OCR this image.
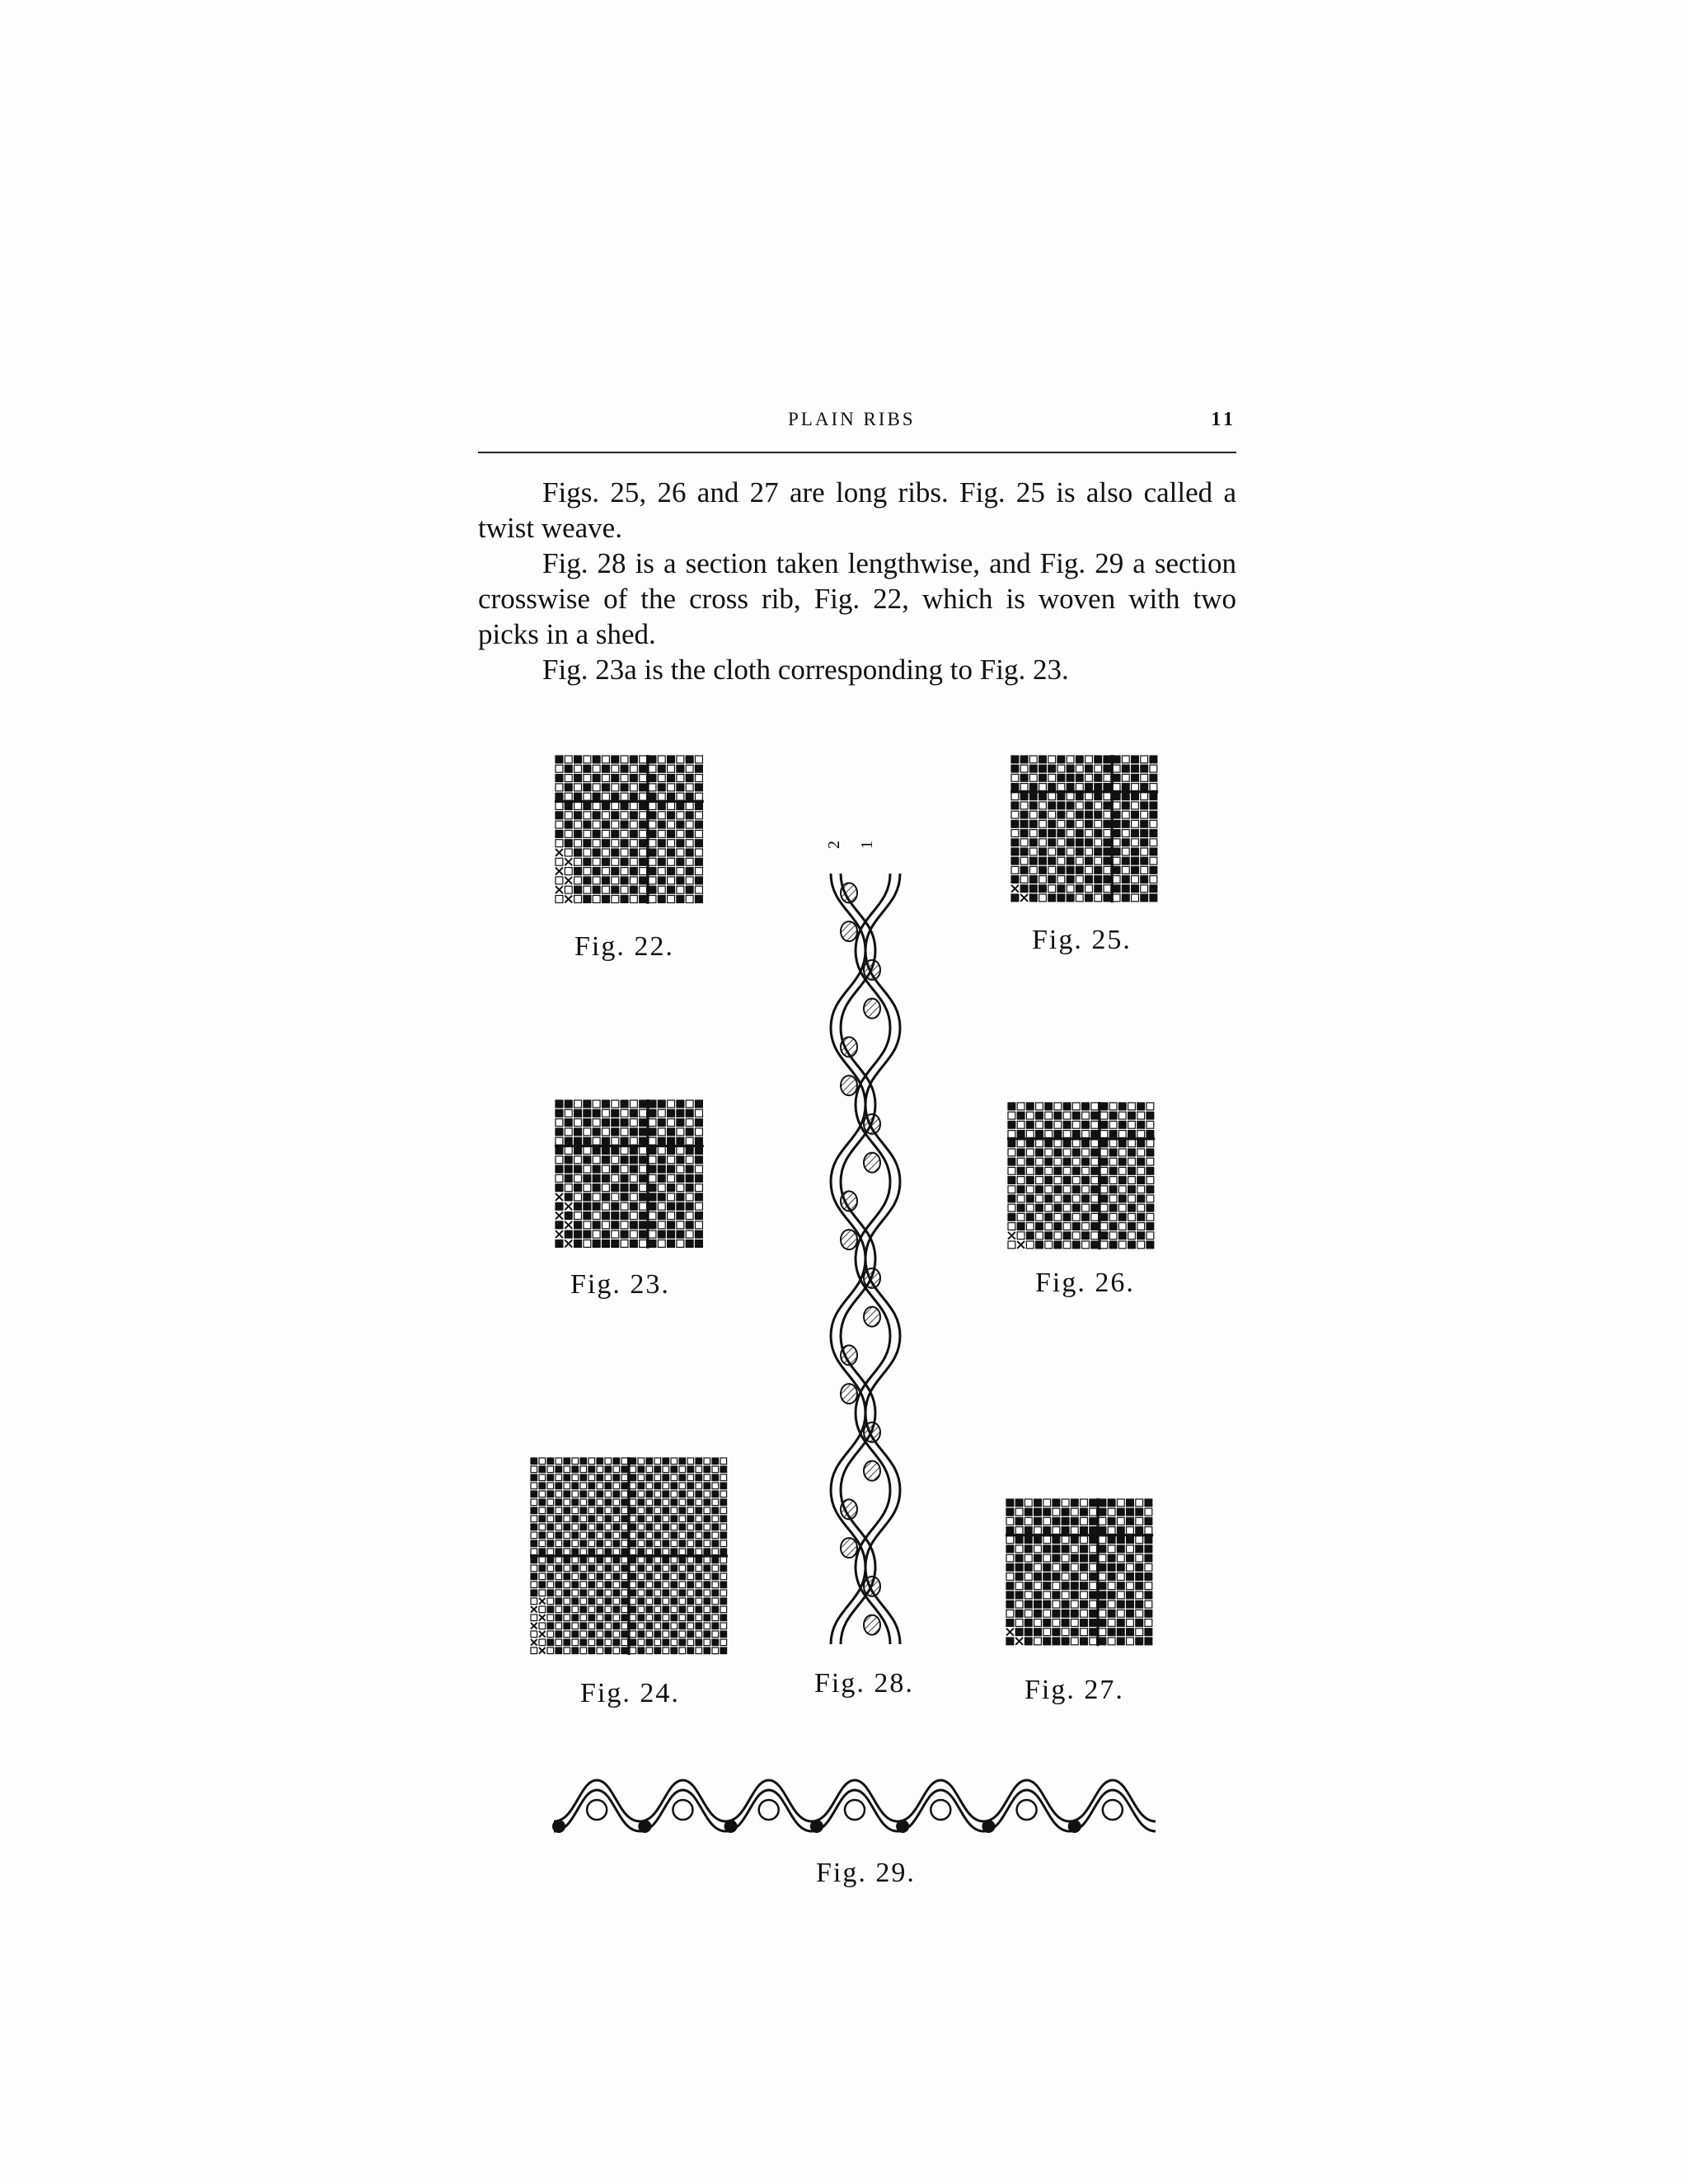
PLAIN RIBS	11

Figs. 25, 26 and 27 are long ribs. Fig. 25 is also called a twist weave.

Fig. 28 is a section taken lengthwise, and Fig. 29 a section crosswise of the cross rib, Fig. 22, which is woven with two picks in a shed.

Fig. 23a is the cloth corresponding to Fig. 23.

Fig. 22.
Fig. 23.
Fig. 24.
Fig. 25.
Fig. 26.
Fig. 27.
2 1
Fig. 28.
Fig. 29.
